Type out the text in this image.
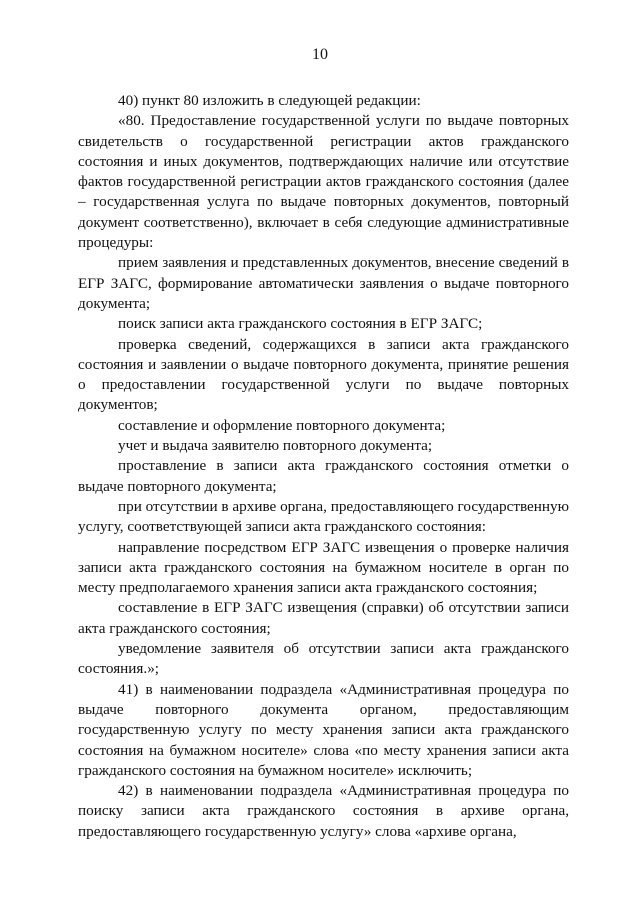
10

40) пункт 80 изложить в следующей редакции:

«80. Предоставление государственной услуги по выдаче повторных свидетельств о государственной регистрации актов гражданского состояния и иных документов, подтверждающих наличие или отсутствие фактов государственной регистрации актов гражданского состояния (далее – государственная услуга по выдаче повторных документов, повторный документ соответственно), включает в себя следующие административные процедуры:

прием заявления и представленных документов, внесение сведений в ЕГР ЗАГС, формирование автоматически заявления о выдаче повторного документа;

поиск записи акта гражданского состояния в ЕГР ЗАГС;

проверка сведений, содержащихся в записи акта гражданского состояния и заявлении о выдаче повторного документа, принятие решения о предоставлении государственной услуги по выдаче повторных документов;

составление и оформление повторного документа;

учет и выдача заявителю повторного документа;

проставление в записи акта гражданского состояния отметки о выдаче повторного документа;

при отсутствии в архиве органа, предоставляющего государственную услугу, соответствующей записи акта гражданского состояния:

направление посредством ЕГР ЗАГС извещения о проверке наличия записи акта гражданского состояния на бумажном носителе в орган по месту предполагаемого хранения записи акта гражданского состояния;

составление в ЕГР ЗАГС извещения (справки) об отсутствии записи акта гражданского состояния;

уведомление заявителя об отсутствии записи акта гражданского состояния.»;

41) в наименовании подраздела «Административная процедура по выдаче повторного документа органом, предоставляющим государственную услугу по месту хранения записи акта гражданского состояния на бумажном носителе» слова «по месту хранения записи акта гражданского состояния на бумажном носителе» исключить;

42) в наименовании подраздела «Административная процедура по поиску записи акта гражданского состояния в архиве органа, предоставляющего государственную услугу» слова «архиве органа,
